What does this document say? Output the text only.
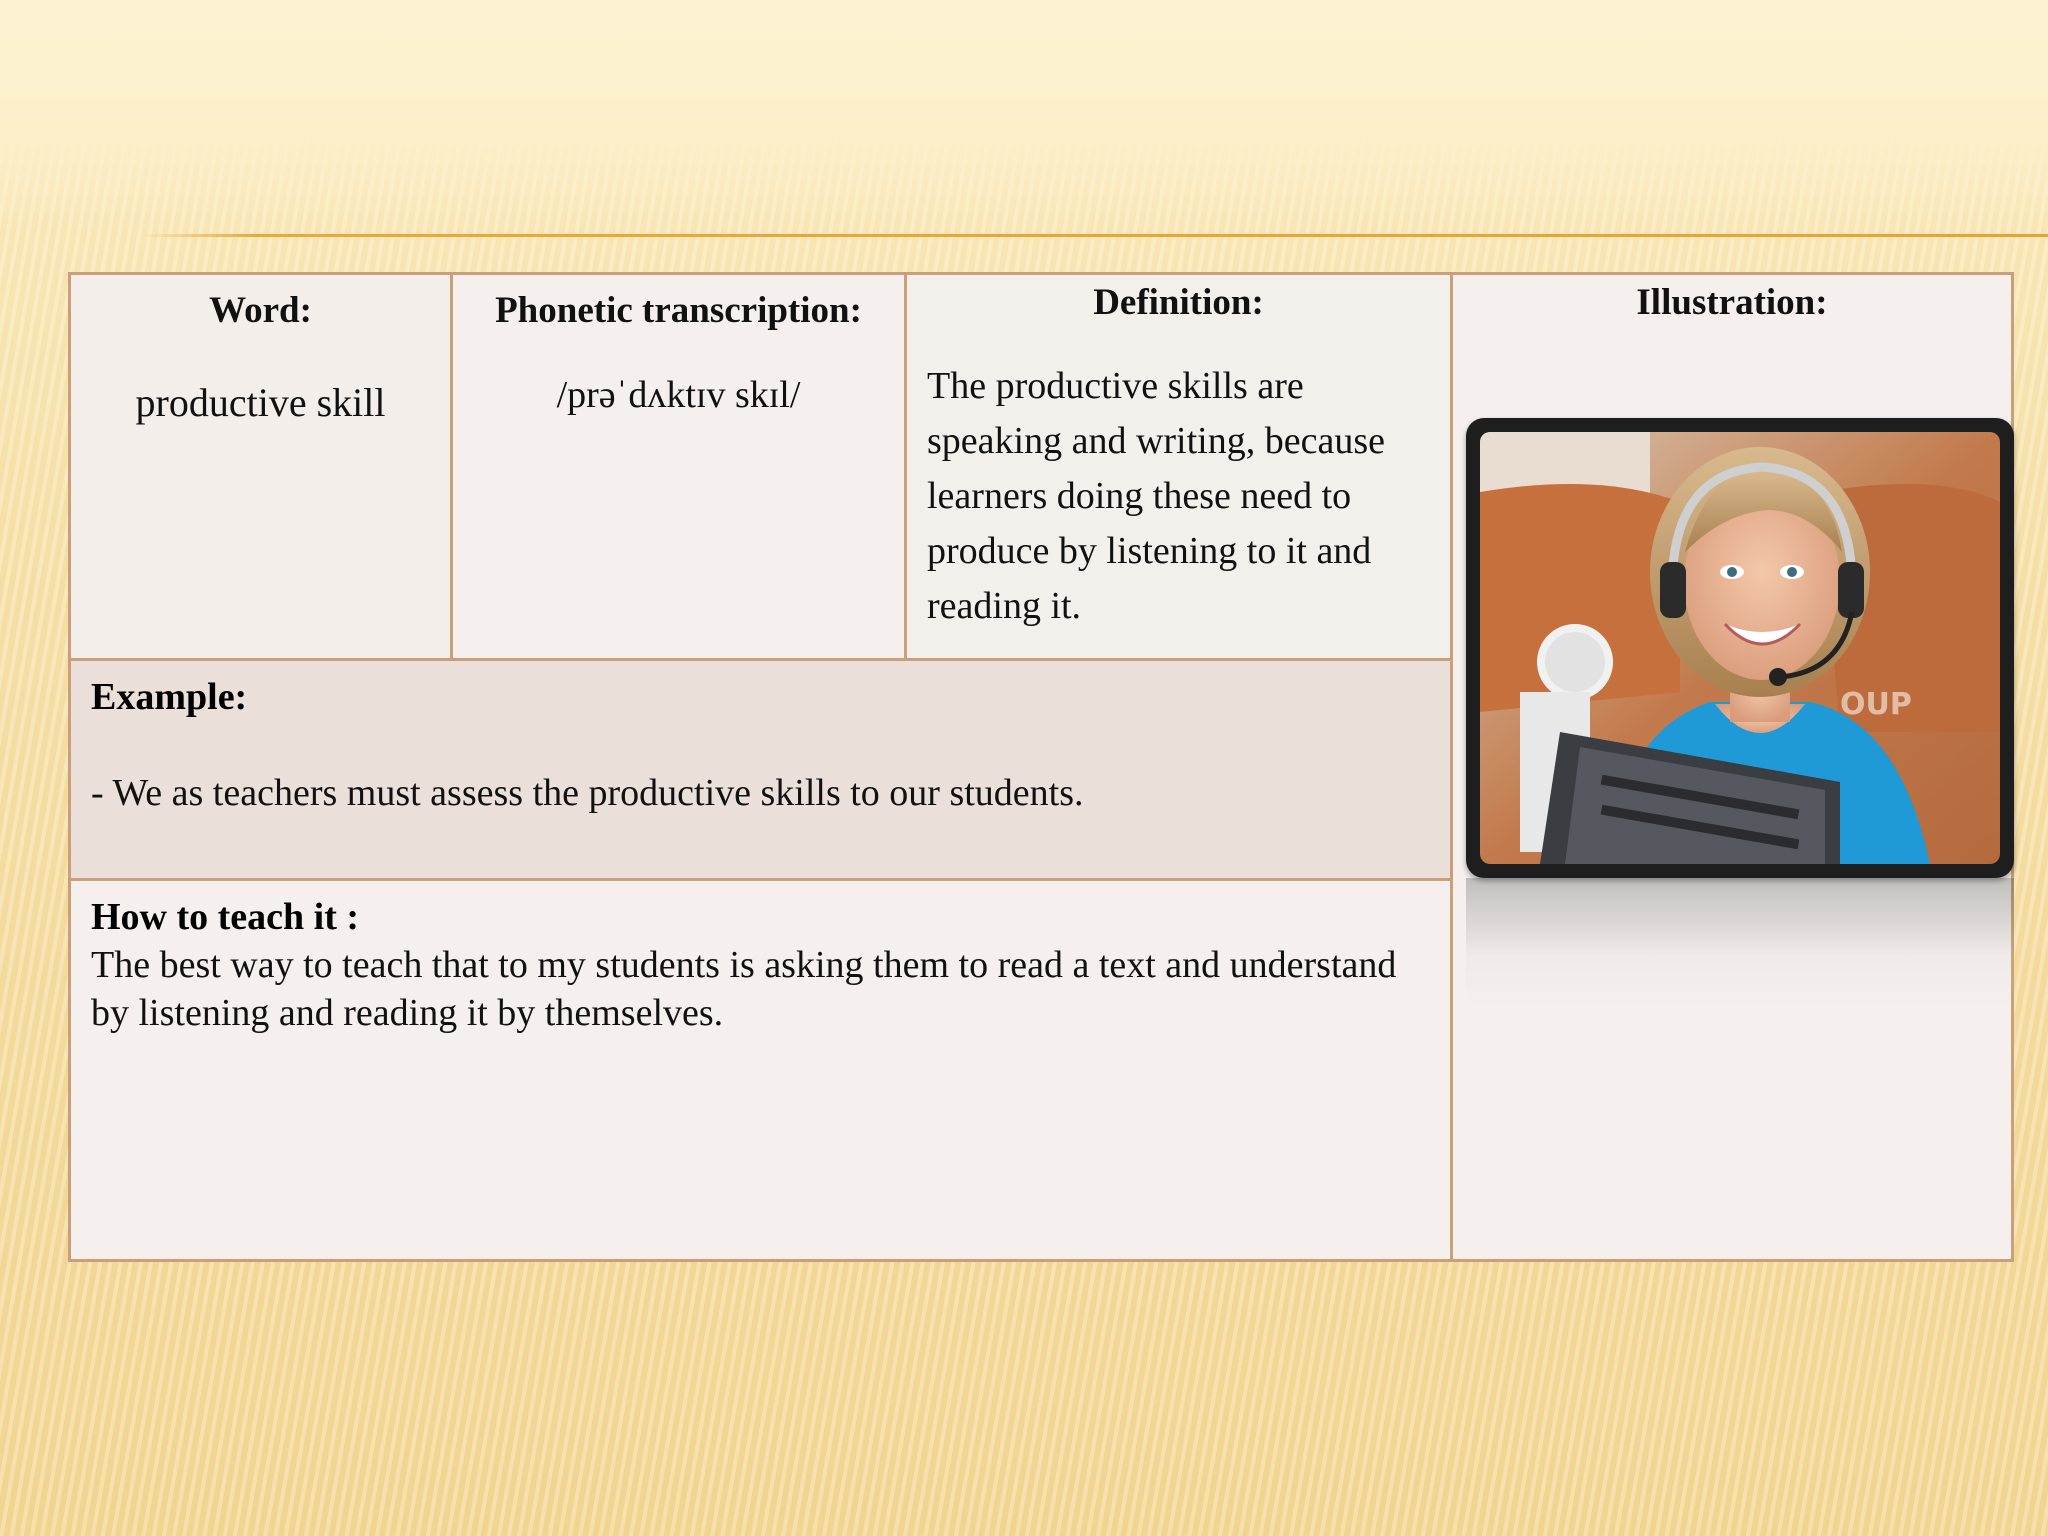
Word:
productive skill
Phonetic transcription:
/prəˈdʌktɪv skɪl/
Definition:
The productive skills are speaking and writing, because learners doing these need to produce by listening to it and reading it.
Illustration:
Example:
- We as teachers must assess the productive skills to our students.
How to teach it :
The best way to teach that to my students is asking them to read a text and understand by listening and reading it by themselves.
OUP
